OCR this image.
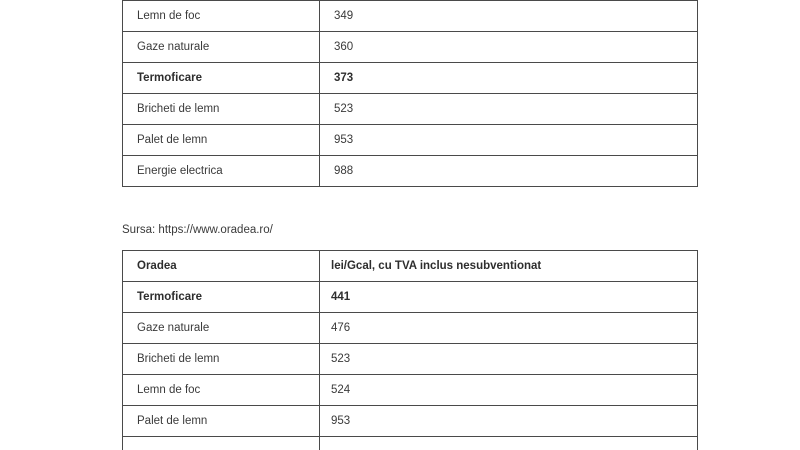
Lemn de foc	349
Gaze naturale	360
Termoficare	373
Bricheti de lemn	523
Palet de lemn	953
Energie electrica	988
Sursa: https://www.oradea.ro/
Oradea	lei/Gcal, cu TVA inclus nesubventionat
Termoficare	441
Gaze naturale	476
Bricheti de lemn	523
Lemn de foc	524
Palet de lemn	953
